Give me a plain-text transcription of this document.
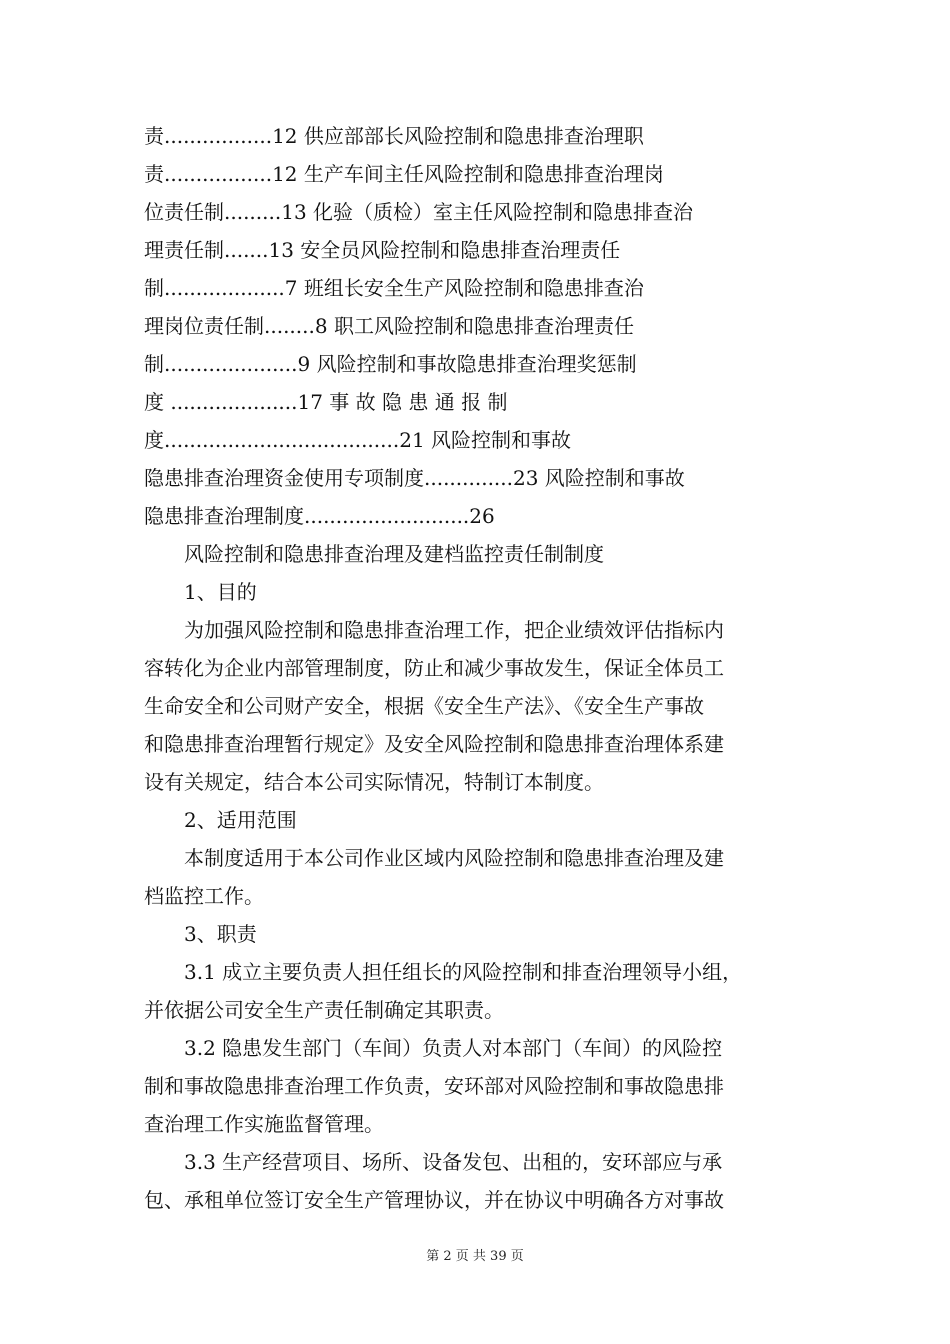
责.................12 供应部部长风险控制和隐患排查治理职
责.................12 生产车间主任风险控制和隐患排查治理岗
位责任制.........13 化验（质检）室主任风险控制和隐患排查治
理责任制.......13 安全员风险控制和隐患排查治理责任
制...................7 班组长安全生产风险控制和隐患排查治
理岗位责任制........8 职工风险控制和隐患排查治理责任
制.....................9 风险控制和事故隐患排查治理奖惩制
度 ....................17 事 故 隐 患 通 报 制
度.....................................21 风险控制和事故
隐患排查治理资金使用专项制度..............23 风险控制和事故
隐患排查治理制度..........................26
　　风险控制和隐患排查治理及建档监控责任制制度
　　1、目的
　　为加强风险控制和隐患排查治理工作，把企业绩效评估指标内
容转化为企业内部管理制度，防止和减少事故发生，保证全体员工
生命安全和公司财产安全，根据《安全生产法》、《安全生产事故
和隐患排查治理暂行规定》及安全风险控制和隐患排查治理体系建
设有关规定，结合本公司实际情况，特制订本制度。
　　2、适用范围
　　本制度适用于本公司作业区域内风险控制和隐患排查治理及建
档监控工作。
　　3、职责
　　3.1 成立主要负责人担任组长的风险控制和排查治理领导小组，
并依据公司安全生产责任制确定其职责。
　　3.2 隐患发生部门（车间）负责人对本部门（车间）的风险控
制和事故隐患排查治理工作负责，安环部对风险控制和事故隐患排
查治理工作实施监督管理。
　　3.3 生产经营项目、场所、设备发包、出租的，安环部应与承
包、承租单位签订安全生产管理协议，并在协议中明确各方对事故
第 2 页 共 39 页
